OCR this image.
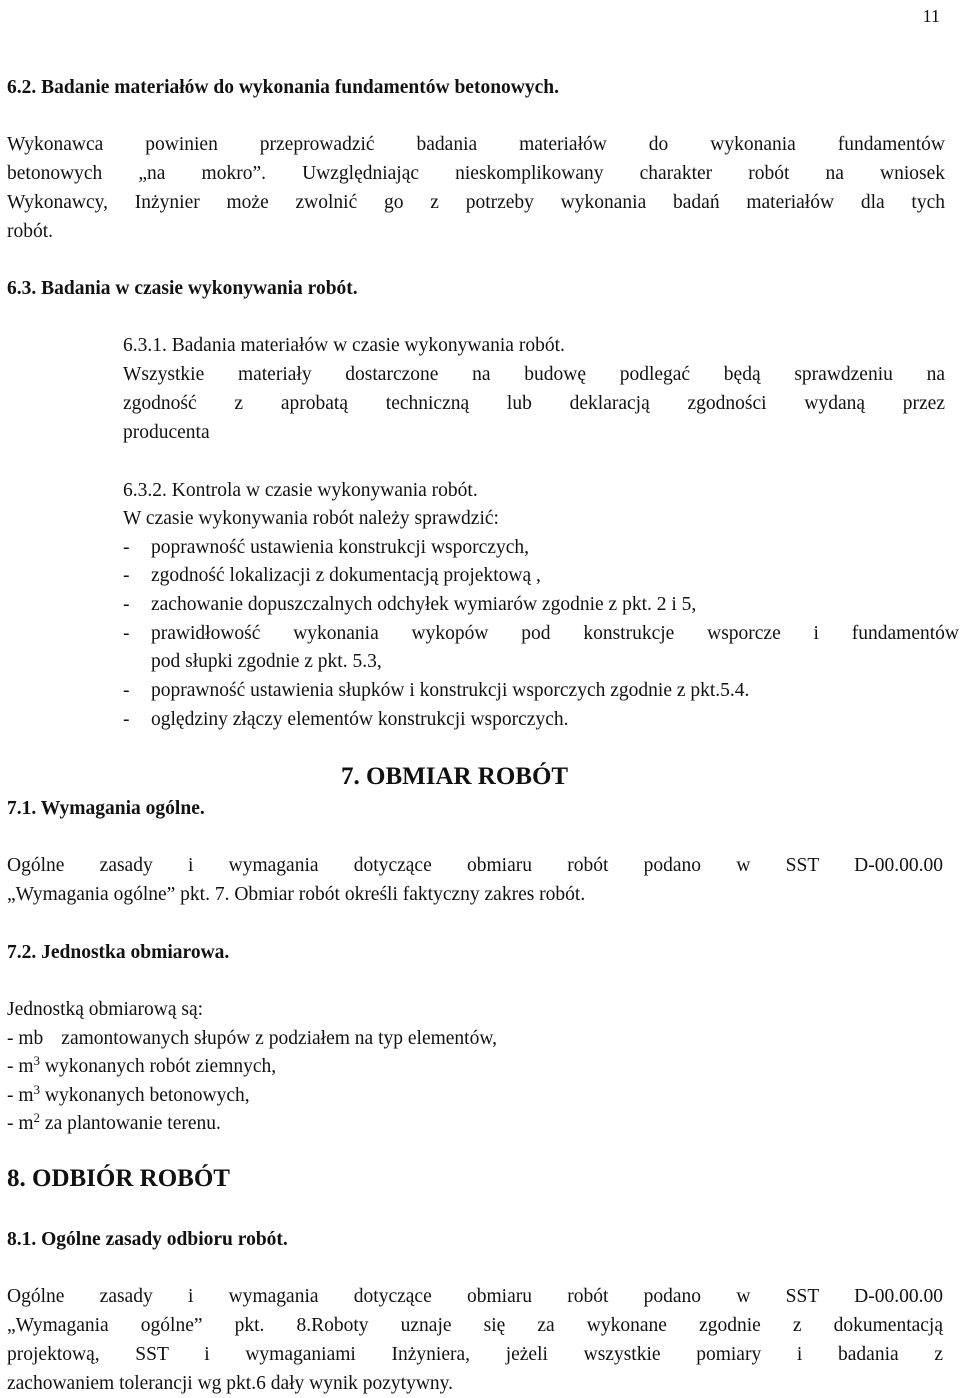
11
6.2. Badanie materiałów do wykonania fundamentów betonowych.
Wykonawca powinien przeprowadzić badania materiałów do wykonania fundamentów
betonowych „na mokro”. Uwzględniając nieskomplikowany charakter robót na wniosek
Wykonawcy, Inżynier może zwolnić go z potrzeby wykonania badań materiałów dla tych
robót.
6.3. Badania w czasie wykonywania robót.
6.3.1. Badania materiałów w czasie wykonywania robót.
Wszystkie materiały dostarczone na budowę podlegać będą sprawdzeniu na
zgodność z aprobatą techniczną lub deklaracją zgodności wydaną przez
producenta
6.3.2. Kontrola w czasie wykonywania robót.
W czasie wykonywania robót należy sprawdzić:
- poprawność ustawienia konstrukcji wsporczych,
- zgodność lokalizacji z dokumentacją projektową ,
- zachowanie dopuszczalnych odchyłek wymiarów zgodnie z pkt. 2 i 5,
- prawidłowość wykonania wykopów pod konstrukcje wsporcze i fundamentów
pod słupki zgodnie z pkt. 5.3,
- poprawność ustawienia słupków i konstrukcji wsporczych zgodnie z pkt.5.4.
- oględziny złączy elementów konstrukcji wsporczych.
7. OBMIAR ROBÓT
7.1. Wymagania ogólne.
Ogólne zasady i wymagania dotyczące obmiaru robót podano w SST D-00.00.00
„Wymagania ogólne” pkt. 7. Obmiar robót określi faktyczny zakres robót.
7.2. Jednostka obmiarowa.
Jednostką obmiarową są:
- mb zamontowanych słupów z podziałem na typ elementów,
- $m^3$ wykonanych robót ziemnych,
- $m^3$ wykonanych betonowych,
- $m^2$ za plantowanie terenu.
8. ODBIÓR ROBÓT
8.1. Ogólne zasady odbioru robót.
Ogólne zasady i wymagania dotyczące obmiaru robót podano w SST D-00.00.00
„Wymagania ogólne” pkt. 8.Roboty uznaje się za wykonane zgodnie z dokumentacją
projektową, SST i wymaganiami Inżyniera, jeżeli wszystkie pomiary i badania z
zachowaniem tolerancji wg pkt.6 dały wynik pozytywny.
